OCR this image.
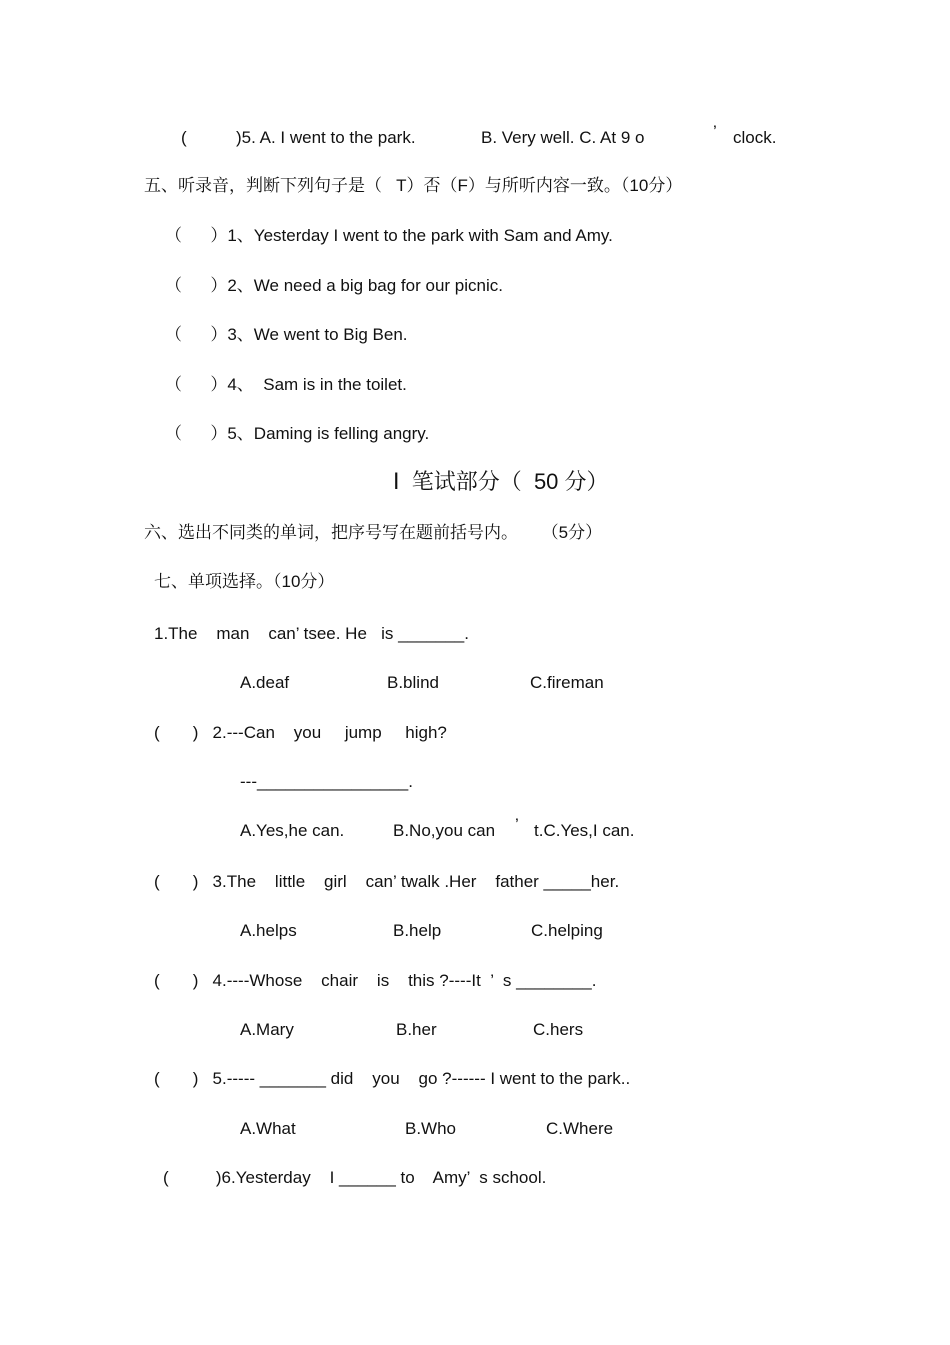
(	)5. A. I went to the park.	B. Very well. C. At 9 o	’ clock.
五、听录音，判断下列句子是（   T）否（F）与所听内容一致。（10分）
（      ）1、Yesterday I went to the park with Sam and Amy.
（      ）2、We need a big bag for our picnic.
（      ）3、We went to Big Ben.
（      ）4、  Sam is in the toilet.
（      ）5、Daming is felling angry.
Ⅰ  笔试部分（  50 分）
六、选出不同类的单词，把序号写在题前括号内。     （5分）
七、单项选择。（10分）
1.The    man    can’ tsee. He   is _______.
A.deaf	B.blind	C.fireman
(       )   2.---Can    you     jump     high?
---________________.
A.Yes,he can.	B.No,you can ’ t.C.Yes,I can.
(       )   3.The    little    girl    can’ twalk .Her    father _____her.
A.helps	B.help	C.helping
(       )   4.----Whose    chair    is    this ?----It  ’  s ________.
A.Mary	B.her	C.hers
(       )   5.----- _______ did    you    go ?------ I went to the park..
A.What	B.Who	C.Where
(          )6.Yesterday    I ______ to    Amy’  s school.
